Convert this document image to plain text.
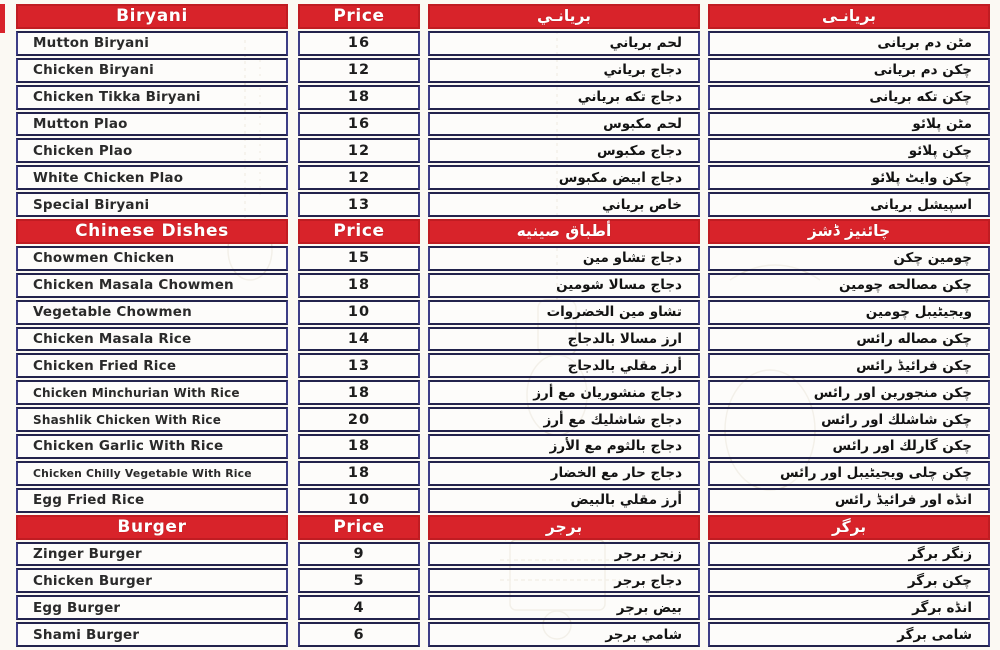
Biryani
Mutton Biryani
Chicken Biryani
Chicken Tikka Biryani
Mutton Plao
Chicken Plao
White Chicken Plao
Special Biryani
Chinese Dishes
Chowmen Chicken
Chicken Masala Chowmen
Vegetable Chowmen
Chicken Masala Rice
Chicken Fried Rice
Chicken Minchurian With Rice
Shashlik Chicken With Rice
Chicken Garlic With Rice
Chicken Chilly Vegetable With Rice
Egg Fried Rice
Burger
Zinger Burger
Chicken Burger
Egg Burger
Shami Burger
Price
16
12
18
16
12
12
13
Price
15
18
10
14
13
18
20
18
18
10
Price
9
5
4
6
بريانـي
لحم برياني
دجاج برياني
دجاج تكه برياني
لحم مكبوس
دجاج مكبوس
دجاج ابيض مكبوس
خاص برياني
أطباق صينيه
دجاج تشاو مين
دجاج مسالا شومين
تشاو مين الخضروات
ارز مسالا بالدجاج
أرز مقلي بالدجاج
دجاج منشوريان مع أرز
دجاج شاشليك مع أرز
دجاج بالثوم مع الأرز
دجاج حار مع الخضار
أرز مقلي بالبيض
برجر
زنجر برجر
دجاج برجر
بيض برجر
شامي برجر
بریانـی
مٹن دم بریانی
چکن دم بریانی
چکن تکه بریانی
مٹن پلائو
چکن پلائو
چکن وایٹ پلائو
اسپیشل بریانی
چائنیز ڈشز
چومین چکن
چکن مصالحه چومین
ویجیٹیبل چومین
چکن مصاله رائس
چکن فرائیڈ رائس
چکن منجورین اور رائس
چکن شاشلك اور رائس
چکن گارلك اور رائس
چکن چلی ویجیٹیبل اور رائس
انڈه اور فرائیڈ رائس
برگر
زنگر برگر
چکن برگر
انڈه برگر
شامی برگر
